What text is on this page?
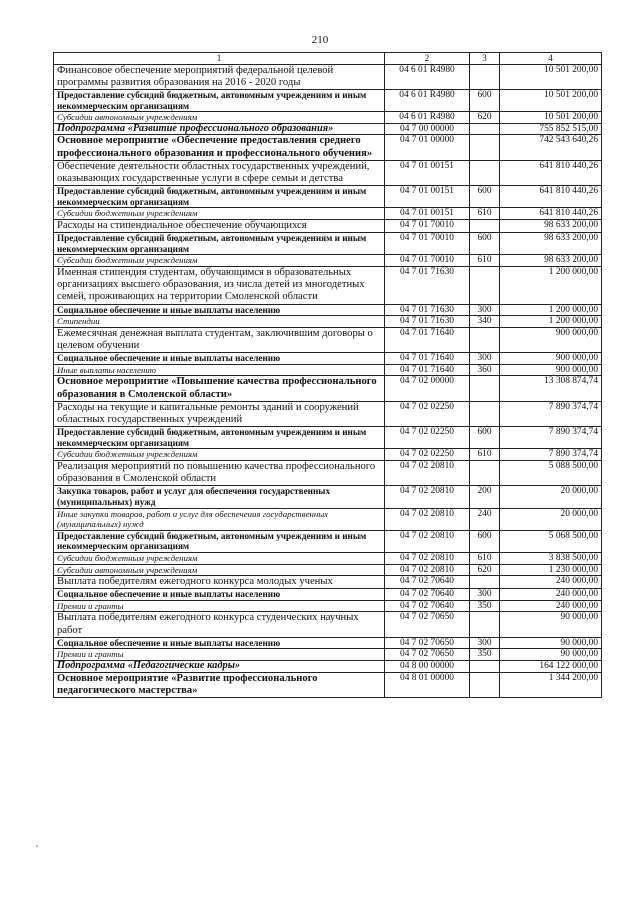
210
1	2	3	4
Финансовое обеспечение мероприятий федеральной целевой программы развития образования на 2016 - 2020 годы	04 6 01 R4980		10 501 200,00
Предоставление субсидий бюджетным, автономным учреждениям и иным некоммерческим организациям	04 6 01 R4980	600	10 501 200,00
Субсидии автономным учреждениям	04 6 01 R4980	620	10 501 200,00
Подпрограмма «Развитие профессионального образования»	04 7 00 00000		755 852 515,00
Основное мероприятие «Обеспечение предоставления среднего профессионального образования и профессионального обучения»	04 7 01 00000		742 543 640,26
Обеспечение деятельности областных государственных учреждений, оказывающих государственные услуги в сфере семьи и детства	04 7 01 00151		641 810 440,26
Предоставление субсидий бюджетным, автономным учреждениям и иным некоммерческим организациям	04 7 01 00151	600	641 810 440,26
Субсидии бюджетным учреждениям	04 7 01 00151	610	641 810 440,26
Расходы на стипендиальное обеспечение обучающихся	04 7 01 70010		98 633 200,00
Предоставление субсидий бюджетным, автономным учреждениям и иным некоммерческим организациям	04 7 01 70010	600	98 633 200,00
Субсидии бюджетным учреждениям	04 7 01 70010	610	98 633 200,00
Именная стипендия студентам, обучающимся в образовательных организациях высшего образования, из числа детей из многодетных семей, проживающих на территории Смоленской области	04 7 01 71630		1 200 000,00
Социальное обеспечение и иные выплаты населению	04 7 01 71630	300	1 200 000,00
Стипендии	04 7 01 71630	340	1 200 000,00
Ежемесячная денежная выплата студентам, заключившим договоры о целевом обучении	04 7 01 71640		900 000,00
Социальное обеспечение и иные выплаты населению	04 7 01 71640	300	900 000,00
Иные выплаты населению	04 7 01 71640	360	900 000,00
Основное мероприятие «Повышение качества профессионального образования в Смоленской области»	04 7 02 00000		13 308 874,74
Расходы на текущие и капитальные ремонты зданий и сооружений областных государственных учреждений	04 7 02 02250		7 890 374,74
Предоставление субсидий бюджетным, автономным учреждениям и иным некоммерческим организациям	04 7 02 02250	600	7 890 374,74
Субсидии бюджетным учреждениям	04 7 02 02250	610	7 890 374,74
Реализация мероприятий по повышению качества профессионального образования в Смоленской области	04 7 02 20810		5 088 500,00
Закупка товаров, работ и услуг для обеспечения государственных (муниципальных) нужд	04 7 02 20810	200	20 000,00
Иные закупки товаров, работ и услуг для обеспечения государственных (муниципальных) нужд	04 7 02 20810	240	20 000,00
Предоставление субсидий бюджетным, автономным учреждениям и иным некоммерческим организациям	04 7 02 20810	600	5 068 500,00
Субсидии бюджетным учреждениям	04 7 02 20810	610	3 838 500,00
Субсидии автономным учреждениям	04 7 02 20810	620	1 230 000,00
Выплата победителям ежегодного конкурса молодых ученых	04 7 02 70640		240 000,00
Социальное обеспечение и иные выплаты населению	04 7 02 70640	300	240 000,00
Премии и гранты	04 7 02 70640	350	240 000,00
Выплата победителям ежегодного конкурса студенческих научных работ	04 7 02 70650		90 000,00
Социальное обеспечение и иные выплаты населению	04 7 02 70650	300	90 000,00
Премии и гранты	04 7 02 70650	350	90 000,00
Подпрограмма «Педагогические кадры»	04 8 00 00000		164 122 000,00
Основное мероприятие «Развитие профессионального педагогического мастерства»	04 8 01 00000		1 344 200,00
